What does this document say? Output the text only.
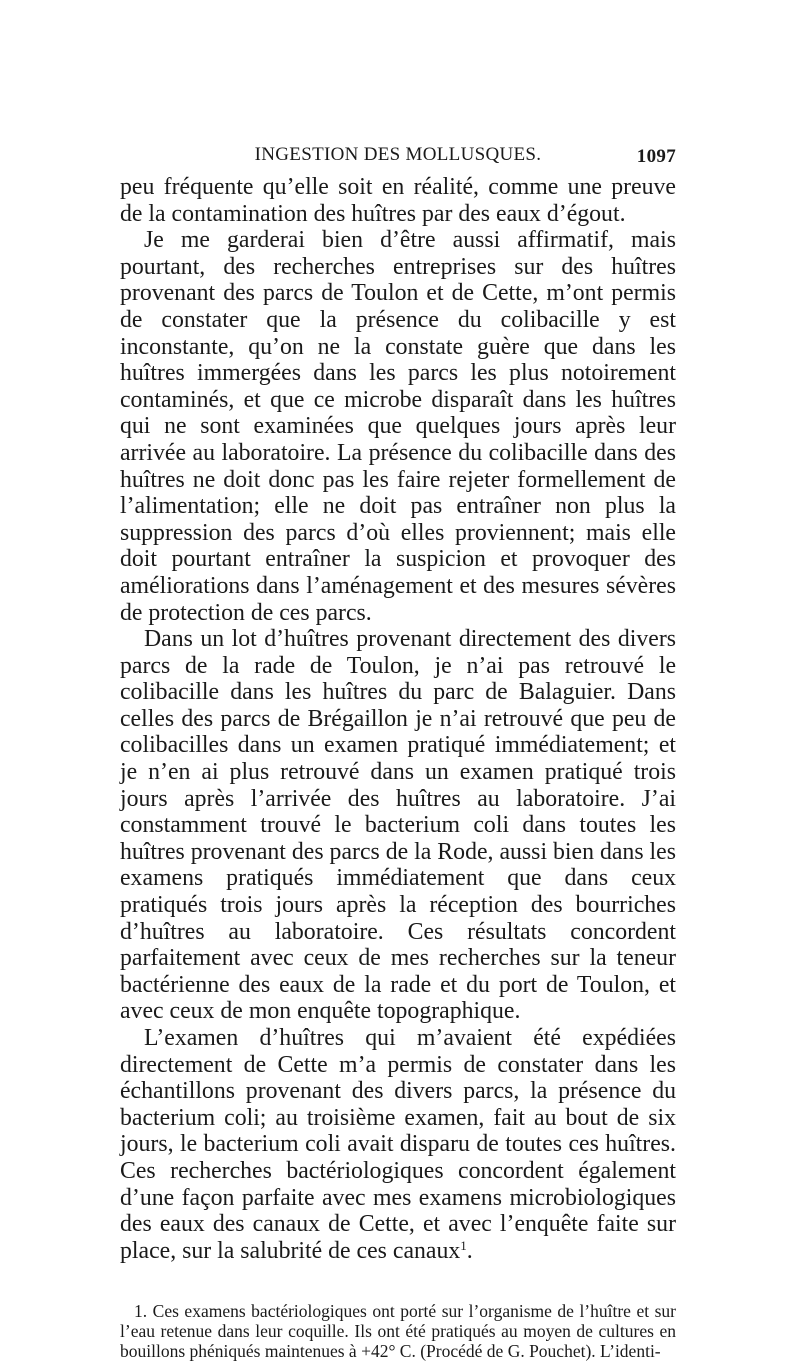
INGESTION DES MOLLUSQUES.	1097

peu fréquente qu’elle soit en réalité, comme une preuve de la contamination des huîtres par des eaux d’égout.

Je me garderai bien d’être aussi affirmatif, mais pourtant, des recherches entreprises sur des huîtres provenant des parcs de Toulon et de Cette, m’ont permis de constater que la présence du colibacille y est inconstante, qu’on ne la constate guère que dans les huîtres immergées dans les parcs les plus notoirement contaminés, et que ce microbe disparaît dans les huîtres qui ne sont examinées que quelques jours après leur arrivée au laboratoire. La présence du colibacille dans des huîtres ne doit donc pas les faire rejeter formellement de l’alimentation; elle ne doit pas entraîner non plus la suppression des parcs d’où elles proviennent; mais elle doit pourtant entraîner la suspicion et provoquer des améliorations dans l’aménagement et des mesures sévères de protection de ces parcs.

Dans un lot d’huîtres provenant directement des divers parcs de la rade de Toulon, je n’ai pas retrouvé le colibacille dans les huîtres du parc de Balaguier. Dans celles des parcs de Brégaillon je n’ai retrouvé que peu de colibacilles dans un examen pratiqué immédiatement; et je n’en ai plus retrouvé dans un examen pratiqué trois jours après l’arrivée des huîtres au laboratoire. J’ai constamment trouvé le bacterium coli dans toutes les huîtres provenant des parcs de la Rode, aussi bien dans les examens pratiqués immédiatement que dans ceux pratiqués trois jours après la réception des bourriches d’huîtres au laboratoire. Ces résultats concordent parfaitement avec ceux de mes recherches sur la teneur bactérienne des eaux de la rade et du port de Toulon, et avec ceux de mon enquête topographique.

L’examen d’huîtres qui m’avaient été expédiées directement de Cette m’a permis de constater dans les échantillons provenant des divers parcs, la présence du bacterium coli; au troisième examen, fait au bout de six jours, le bacterium coli avait disparu de toutes ces huîtres. Ces recherches bactériologiques concordent également d’une façon parfaite avec mes examens microbiologiques des eaux des canaux de Cette, et avec l’enquête faite sur place, sur la salubrité de ces canaux$^1$.

1. Ces examens bactériologiques ont porté sur l’organisme de l’huître et sur l’eau retenue dans leur coquille. Ils ont été pratiqués au moyen de cultures en bouillons phéniqués maintenues à +42° C. (Procédé de G. Pouchet). L’identi-
